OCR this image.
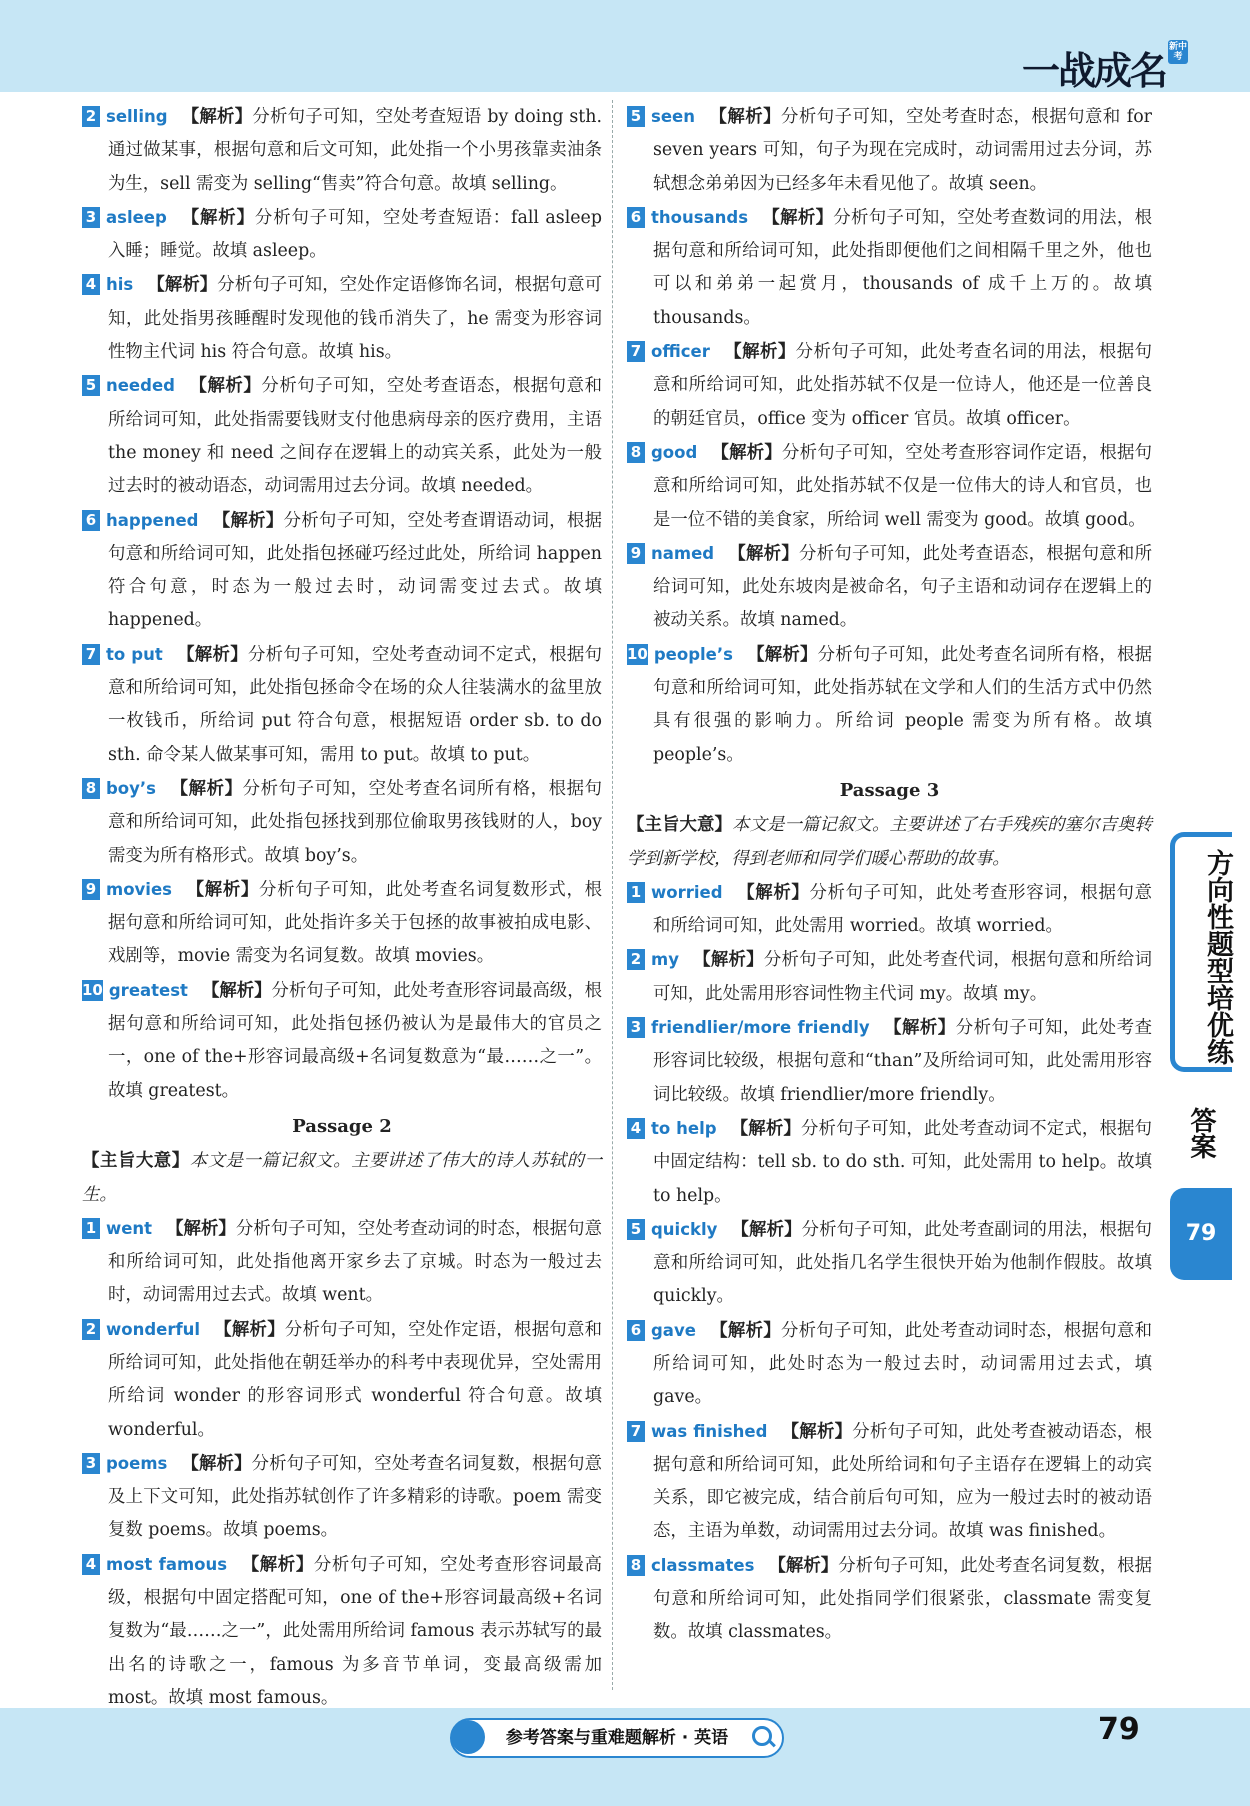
一战成名新中考

2 selling 【解析】分析句子可知，空处考查短语 by doing sth. 通过做某事，根据句意和后文可知，此处指一个小男孩靠卖油条为生，sell 需变为 selling“售卖”符合句意。故填 selling。

3 asleep 【解析】分析句子可知，空处考查短语：fall asleep 入睡；睡觉。故填 asleep。

4 his 【解析】分析句子可知，空处作定语修饰名词，根据句意可知，此处指男孩睡醒时发现他的钱币消失了，he 需变为形容词性物主代词 his 符合句意。故填 his。

5 needed 【解析】分析句子可知，空处考查语态，根据句意和所给词可知，此处指需要钱财支付他患病母亲的医疗费用，主语 the money 和 need 之间存在逻辑上的动宾关系，此处为一般过去时的被动语态，动词需用过去分词。故填 needed。

6 happened 【解析】分析句子可知，空处考查谓语动词，根据句意和所给词可知，此处指包拯碰巧经过此处，所给词 happen 符合句意，时态为一般过去时，动词需变过去式。故填 happened。

7 to put 【解析】分析句子可知，空处考查动词不定式，根据句意和所给词可知，此处指包拯命令在场的众人往装满水的盆里放一枚钱币，所给词 put 符合句意，根据短语 order sb. to do sth. 命令某人做某事可知，需用 to put。故填 to put。

8 boy’s 【解析】分析句子可知，空处考查名词所有格，根据句意和所给词可知，此处指包拯找到那位偷取男孩钱财的人，boy 需变为所有格形式。故填 boy’s。

9 movies 【解析】分析句子可知，此处考查名词复数形式，根据句意和所给词可知，此处指许多关于包拯的故事被拍成电影、戏剧等，movie 需变为名词复数。故填 movies。

10 greatest 【解析】分析句子可知，此处考查形容词最高级，根据句意和所给词可知，此处指包拯仍被认为是最伟大的官员之一，one of the+形容词最高级+名词复数意为“最……之一”。故填 greatest。

Passage 2

【主旨大意】本文是一篇记叙文。主要讲述了伟大的诗人苏轼的一生。

1 went 【解析】分析句子可知，空处考查动词的时态，根据句意和所给词可知，此处指他离开家乡去了京城。时态为一般过去时，动词需用过去式。故填 went。

2 wonderful 【解析】分析句子可知，空处作定语，根据句意和所给词可知，此处指他在朝廷举办的科考中表现优异，空处需用所给词 wonder 的形容词形式 wonderful 符合句意。故填 wonderful。

3 poems 【解析】分析句子可知，空处考查名词复数，根据句意及上下文可知，此处指苏轼创作了许多精彩的诗歌。poem 需变复数 poems。故填 poems。

4 most famous 【解析】分析句子可知，空处考查形容词最高级，根据句中固定搭配可知，one of the+形容词最高级+名词复数为“最……之一”，此处需用所给词 famous 表示苏轼写的最出名的诗歌之一，famous 为多音节单词，变最高级需加 most。故填 most famous。

5 seen 【解析】分析句子可知，空处考查时态，根据句意和 for seven years 可知，句子为现在完成时，动词需用过去分词，苏轼想念弟弟因为已经多年未看见他了。故填 seen。

6 thousands 【解析】分析句子可知，空处考查数词的用法，根据句意和所给词可知，此处指即便他们之间相隔千里之外，他也可以和弟弟一起赏月，thousands of 成千上万的。故填 thousands。

7 officer 【解析】分析句子可知，此处考查名词的用法，根据句意和所给词可知，此处指苏轼不仅是一位诗人，他还是一位善良的朝廷官员，office 变为 officer 官员。故填 officer。

8 good 【解析】分析句子可知，空处考查形容词作定语，根据句意和所给词可知，此处指苏轼不仅是一位伟大的诗人和官员，也是一位不错的美食家，所给词 well 需变为 good。故填 good。

9 named 【解析】分析句子可知，此处考查语态，根据句意和所给词可知，此处东坡肉是被命名，句子主语和动词存在逻辑上的被动关系。故填 named。

10 people’s 【解析】分析句子可知，此处考查名词所有格，根据句意和所给词可知，此处指苏轼在文学和人们的生活方式中仍然具有很强的影响力。所给词 people 需变为所有格。故填 people’s。

Passage 3

【主旨大意】本文是一篇记叙文。主要讲述了右手残疾的塞尔吉奥转学到新学校，得到老师和同学们暖心帮助的故事。

1 worried 【解析】分析句子可知，此处考查形容词，根据句意和所给词可知，此处需用 worried。故填 worried。

2 my 【解析】分析句子可知，此处考查代词，根据句意和所给词可知，此处需用形容词性物主代词 my。故填 my。

3 friendlier/more friendly 【解析】分析句子可知，此处考查形容词比较级，根据句意和“than”及所给词可知，此处需用形容词比较级。故填 friendlier/more friendly。

4 to help 【解析】分析句子可知，此处考查动词不定式，根据句中固定结构：tell sb. to do sth. 可知，此处需用 to help。故填 to help。

5 quickly 【解析】分析句子可知，此处考查副词的用法，根据句意和所给词可知，此处指几名学生很快开始为他制作假肢。故填 quickly。

6 gave 【解析】分析句子可知，此处考查动词时态，根据句意和所给词可知，此处时态为一般过去时，动词需用过去式，填 gave。

7 was finished 【解析】分析句子可知，此处考查被动语态，根据句意和所给词可知，此处所给词和句子主语存在逻辑上的动宾关系，即它被完成，结合前后句可知，应为一般过去时的被动语态，主语为单数，动词需用过去分词。故填 was finished。

8 classmates 【解析】分析句子可知，此处考查名词复数，根据句意和所给词可知，此处指同学们很紧张，classmate 需变复数。故填 classmates。

方向性题型培优练
答案
79
参考答案与重难题解析 · 英语	79
